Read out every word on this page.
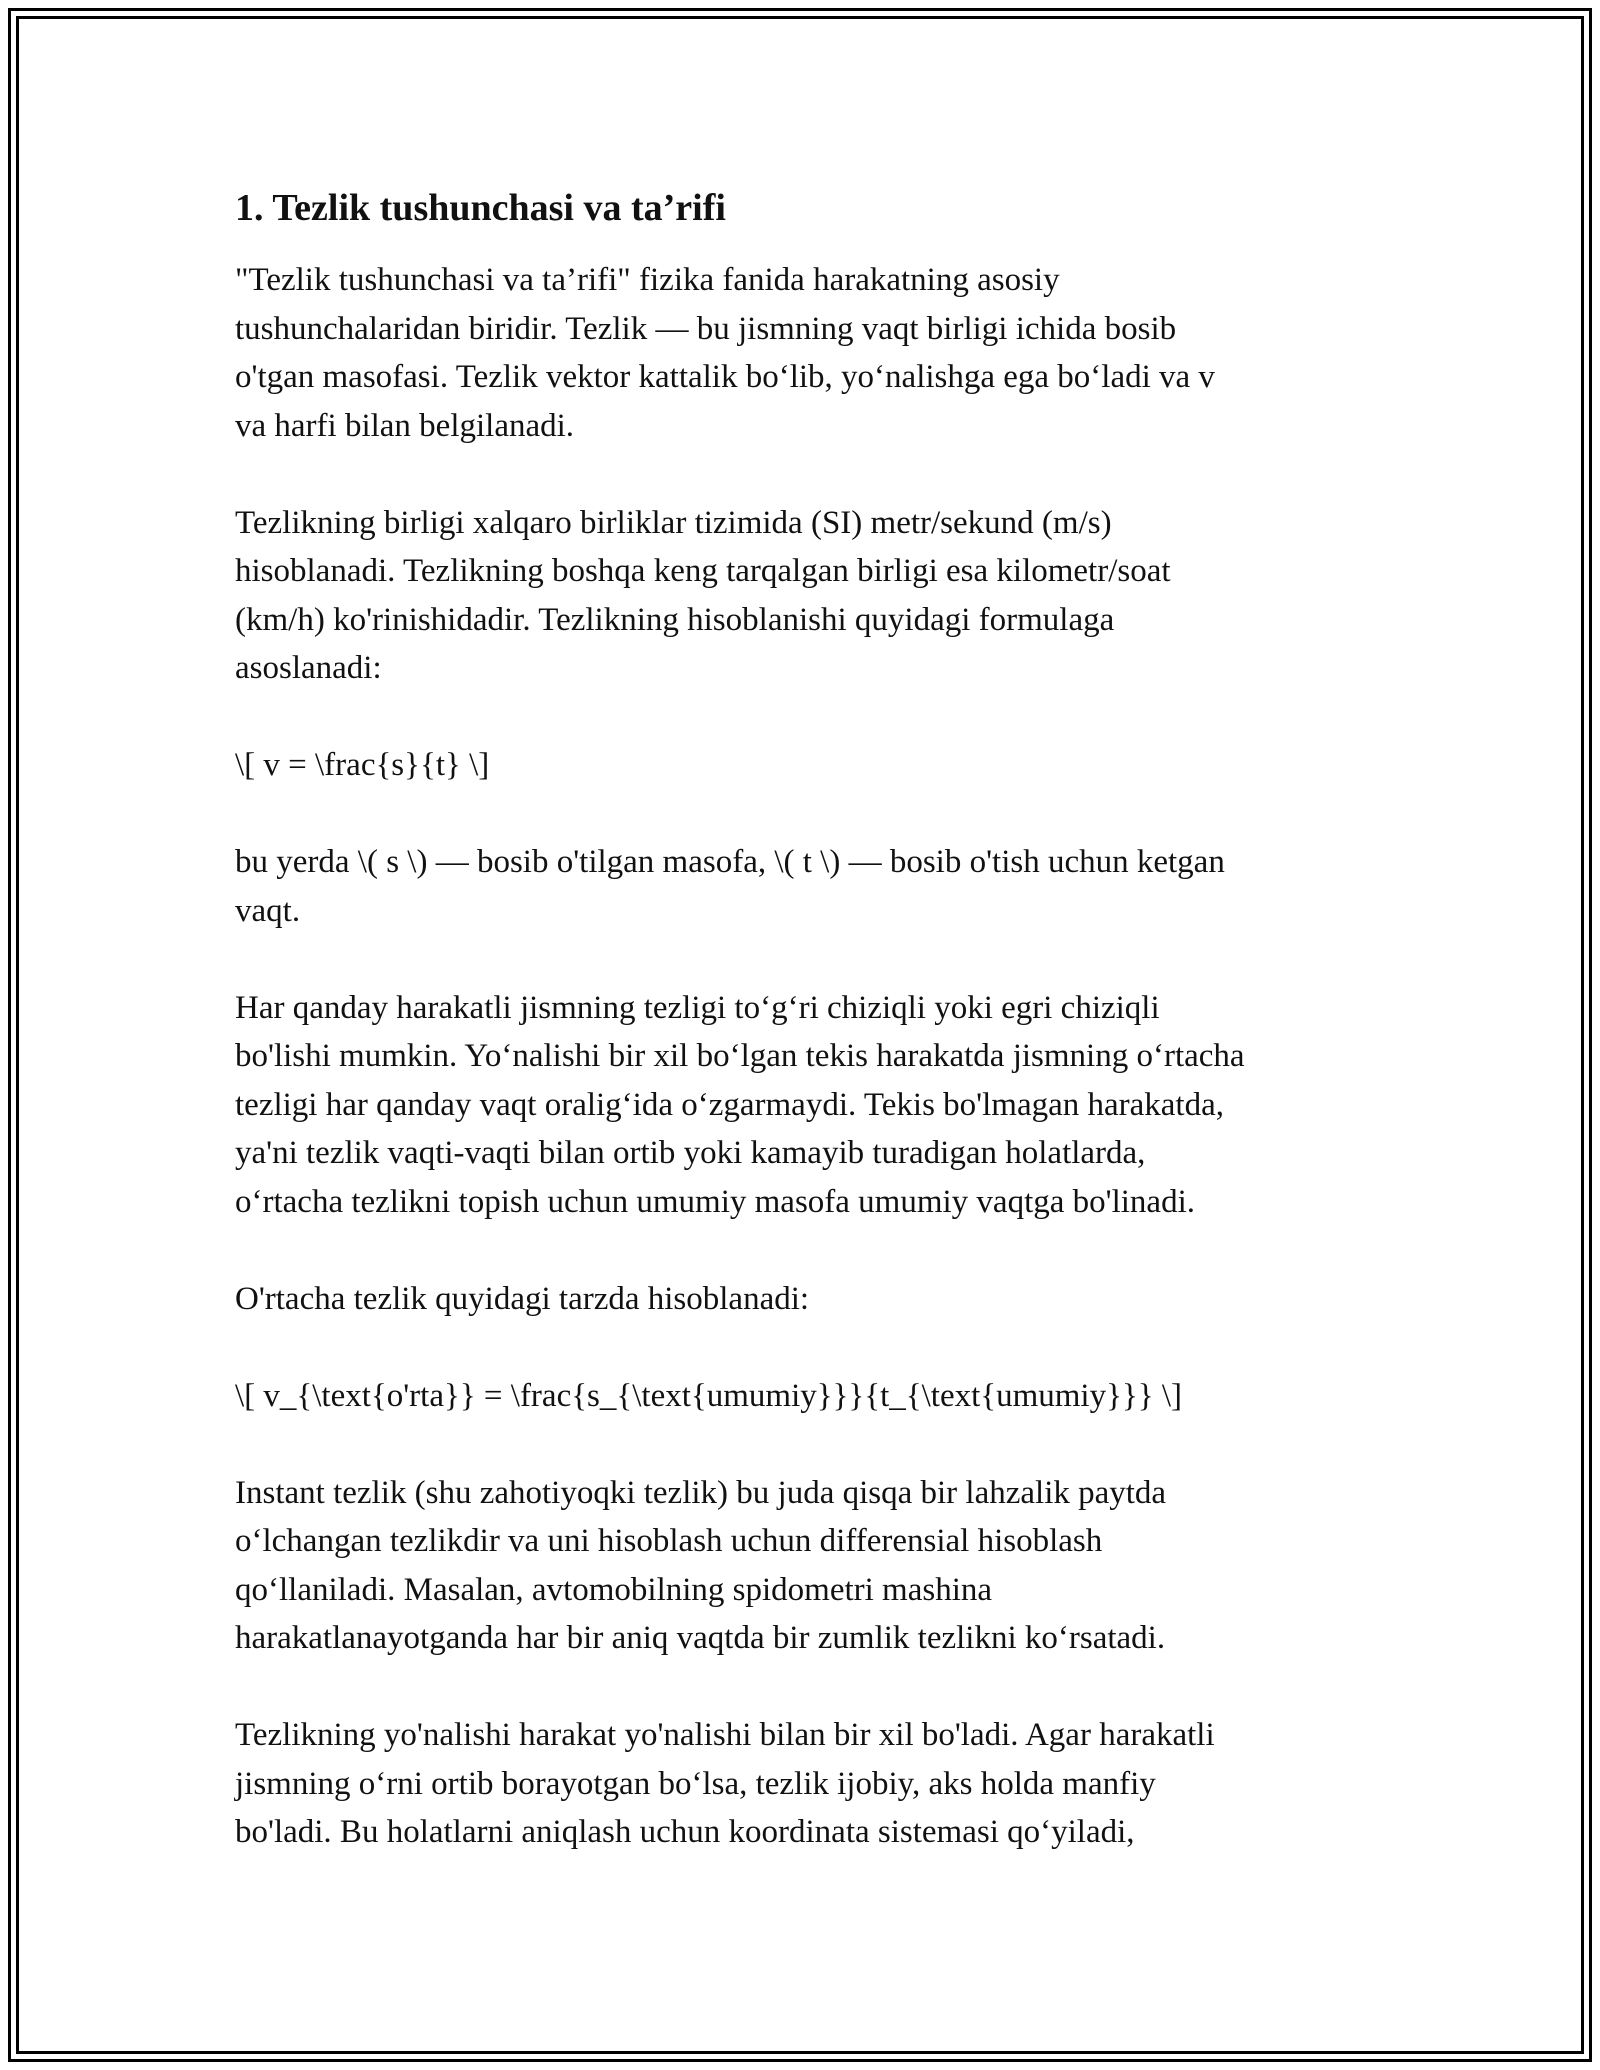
1. Tezlik tushunchasi va ta’rifi

"Tezlik tushunchasi va ta’rifi" fizika fanida harakatning asosiy
tushunchalaridan biridir. Tezlik — bu jismning vaqt birligi ichida bosib
o'tgan masofasi. Tezlik vektor kattalik bo‘lib, yo‘nalishga ega bo‘ladi va v
va harfi bilan belgilanadi.

Tezlikning birligi xalqaro birliklar tizimida (SI) metr/sekund (m/s)
hisoblanadi. Tezlikning boshqa keng tarqalgan birligi esa kilometr/soat
(km/h) ko'rinishidadir. Tezlikning hisoblanishi quyidagi formulaga
asoslanadi:

\[ v = \frac{s}{t} \]

bu yerda \( s \) — bosib o'tilgan masofa, \( t \) — bosib o'tish uchun ketgan
vaqt.

Har qanday harakatli jismning tezligi to‘g‘ri chiziqli yoki egri chiziqli
bo'lishi mumkin. Yo‘nalishi bir xil bo‘lgan tekis harakatda jismning o‘rtacha
tezligi har qanday vaqt oralig‘ida o‘zgarmaydi. Tekis bo'lmagan harakatda,
ya'ni tezlik vaqti-vaqti bilan ortib yoki kamayib turadigan holatlarda,
o‘rtacha tezlikni topish uchun umumiy masofa umumiy vaqtga bo'linadi.

O'rtacha tezlik quyidagi tarzda hisoblanadi:

\[ v_{\text{o'rta}} = \frac{s_{\text{umumiy}}}{t_{\text{umumiy}}} \]

Instant tezlik (shu zahotiyoqki tezlik) bu juda qisqa bir lahzalik paytda
o‘lchangan tezlikdir va uni hisoblash uchun differensial hisoblash
qo‘llaniladi. Masalan, avtomobilning spidometri mashina
harakatlanayotganda har bir aniq vaqtda bir zumlik tezlikni ko‘rsatadi.

Tezlikning yo'nalishi harakat yo'nalishi bilan bir xil bo'ladi. Agar harakatli
jismning o‘rni ortib borayotgan bo‘lsa, tezlik ijobiy, aks holda manfiy
bo'ladi. Bu holatlarni aniqlash uchun koordinata sistemasi qo‘yiladi,
